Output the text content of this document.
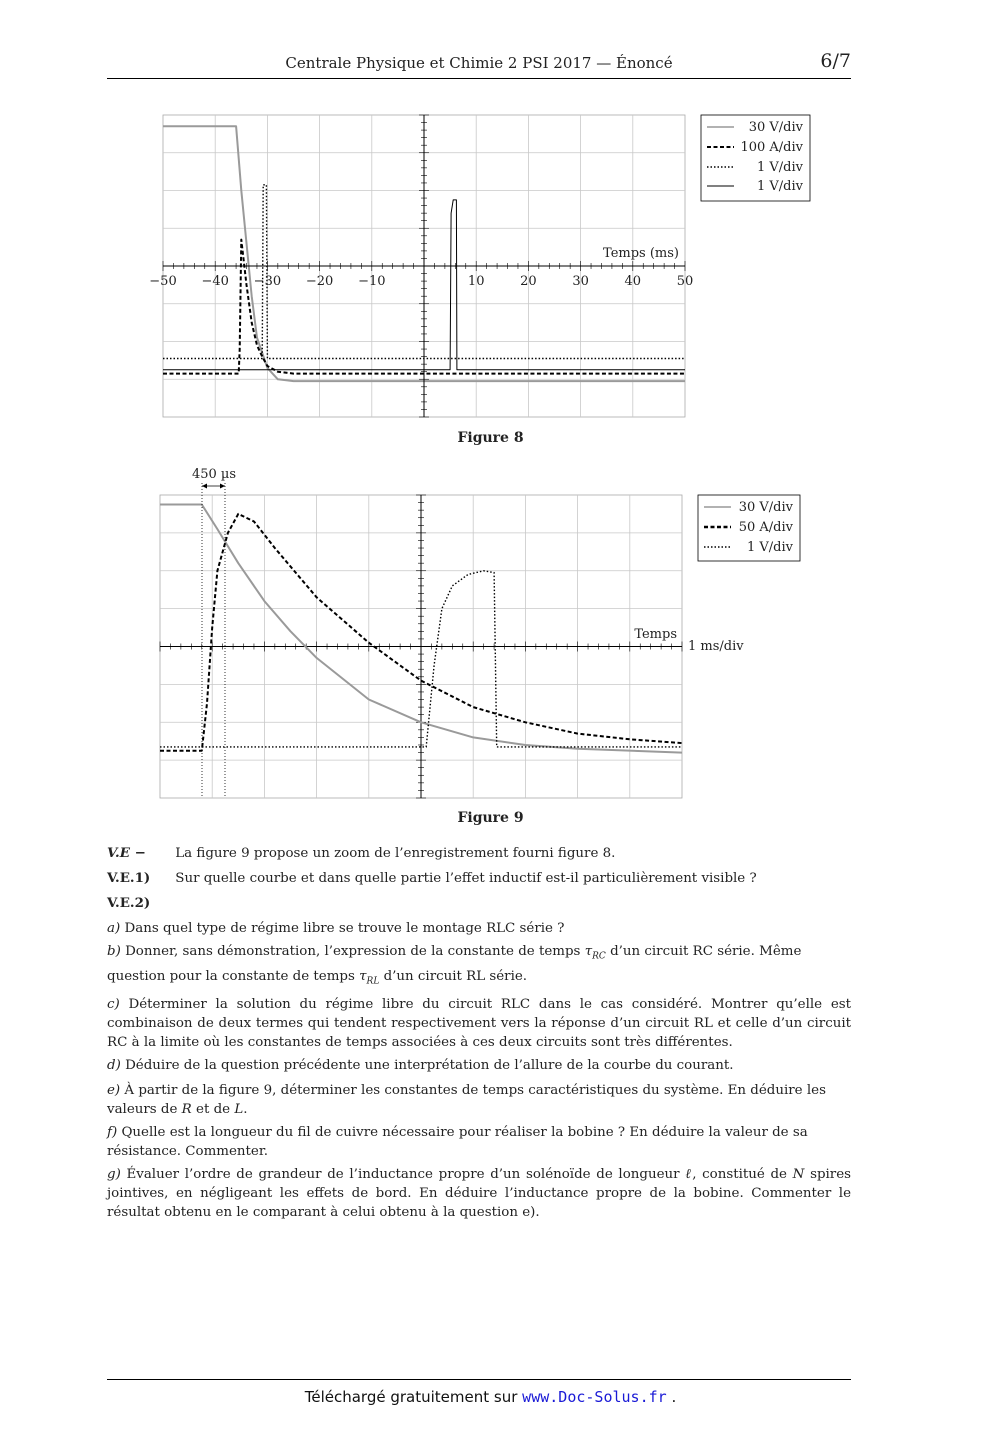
Centrale Physique et Chimie 2 PSI 2017 — Énoncé	6/7
−50 −40 −30 −20 −10	10	20	30	40	50
Temps (ms)
30 V/div
100 A/div
1 V/div
1 V/div
Figure 8
450 µs
Temps
1 ms/div
30 V/div
50 A/div
1 V/div
Figure 9

V.E − La figure 9 propose un zoom de l’enregistrement fourni figure 8.

V.E.1) Sur quelle courbe et dans quelle partie l’effet inductif est-il particulièrement visible ?

V.E.2)

a) Dans quel type de régime libre se trouve le montage RLC série ?

b) Donner, sans démonstration, l’expression de la constante de temps $\tau_{RC}$ d’un circuit RC série. Même question pour la constante de temps $\tau_{RL}$ d’un circuit RL série.

c) Déterminer la solution du régime libre du circuit RLC dans le cas considéré. Montrer qu’elle est combinaison de deux termes qui tendent respectivement vers la réponse d’un circuit RL et celle d’un circuit RC à la limite où les constantes de temps associées à ces deux circuits sont très différentes.

d) Déduire de la question précédente une interprétation de l’allure de la courbe du courant.

e) À partir de la figure 9, déterminer les constantes de temps caractéristiques du système. En déduire les valeurs de R et de L.

f) Quelle est la longueur du fil de cuivre nécessaire pour réaliser la bobine ? En déduire la valeur de sa résistance. Commenter.

g) Évaluer l’ordre de grandeur de l’inductance propre d’un solénoïde de longueur ℓ, constitué de N spires jointives, en négligeant les effets de bord. En déduire l’inductance propre de la bobine. Commenter le résultat obtenu en le comparant à celui obtenu à la question e).

Téléchargé gratuitement sur www.Doc-Solus.fr .
